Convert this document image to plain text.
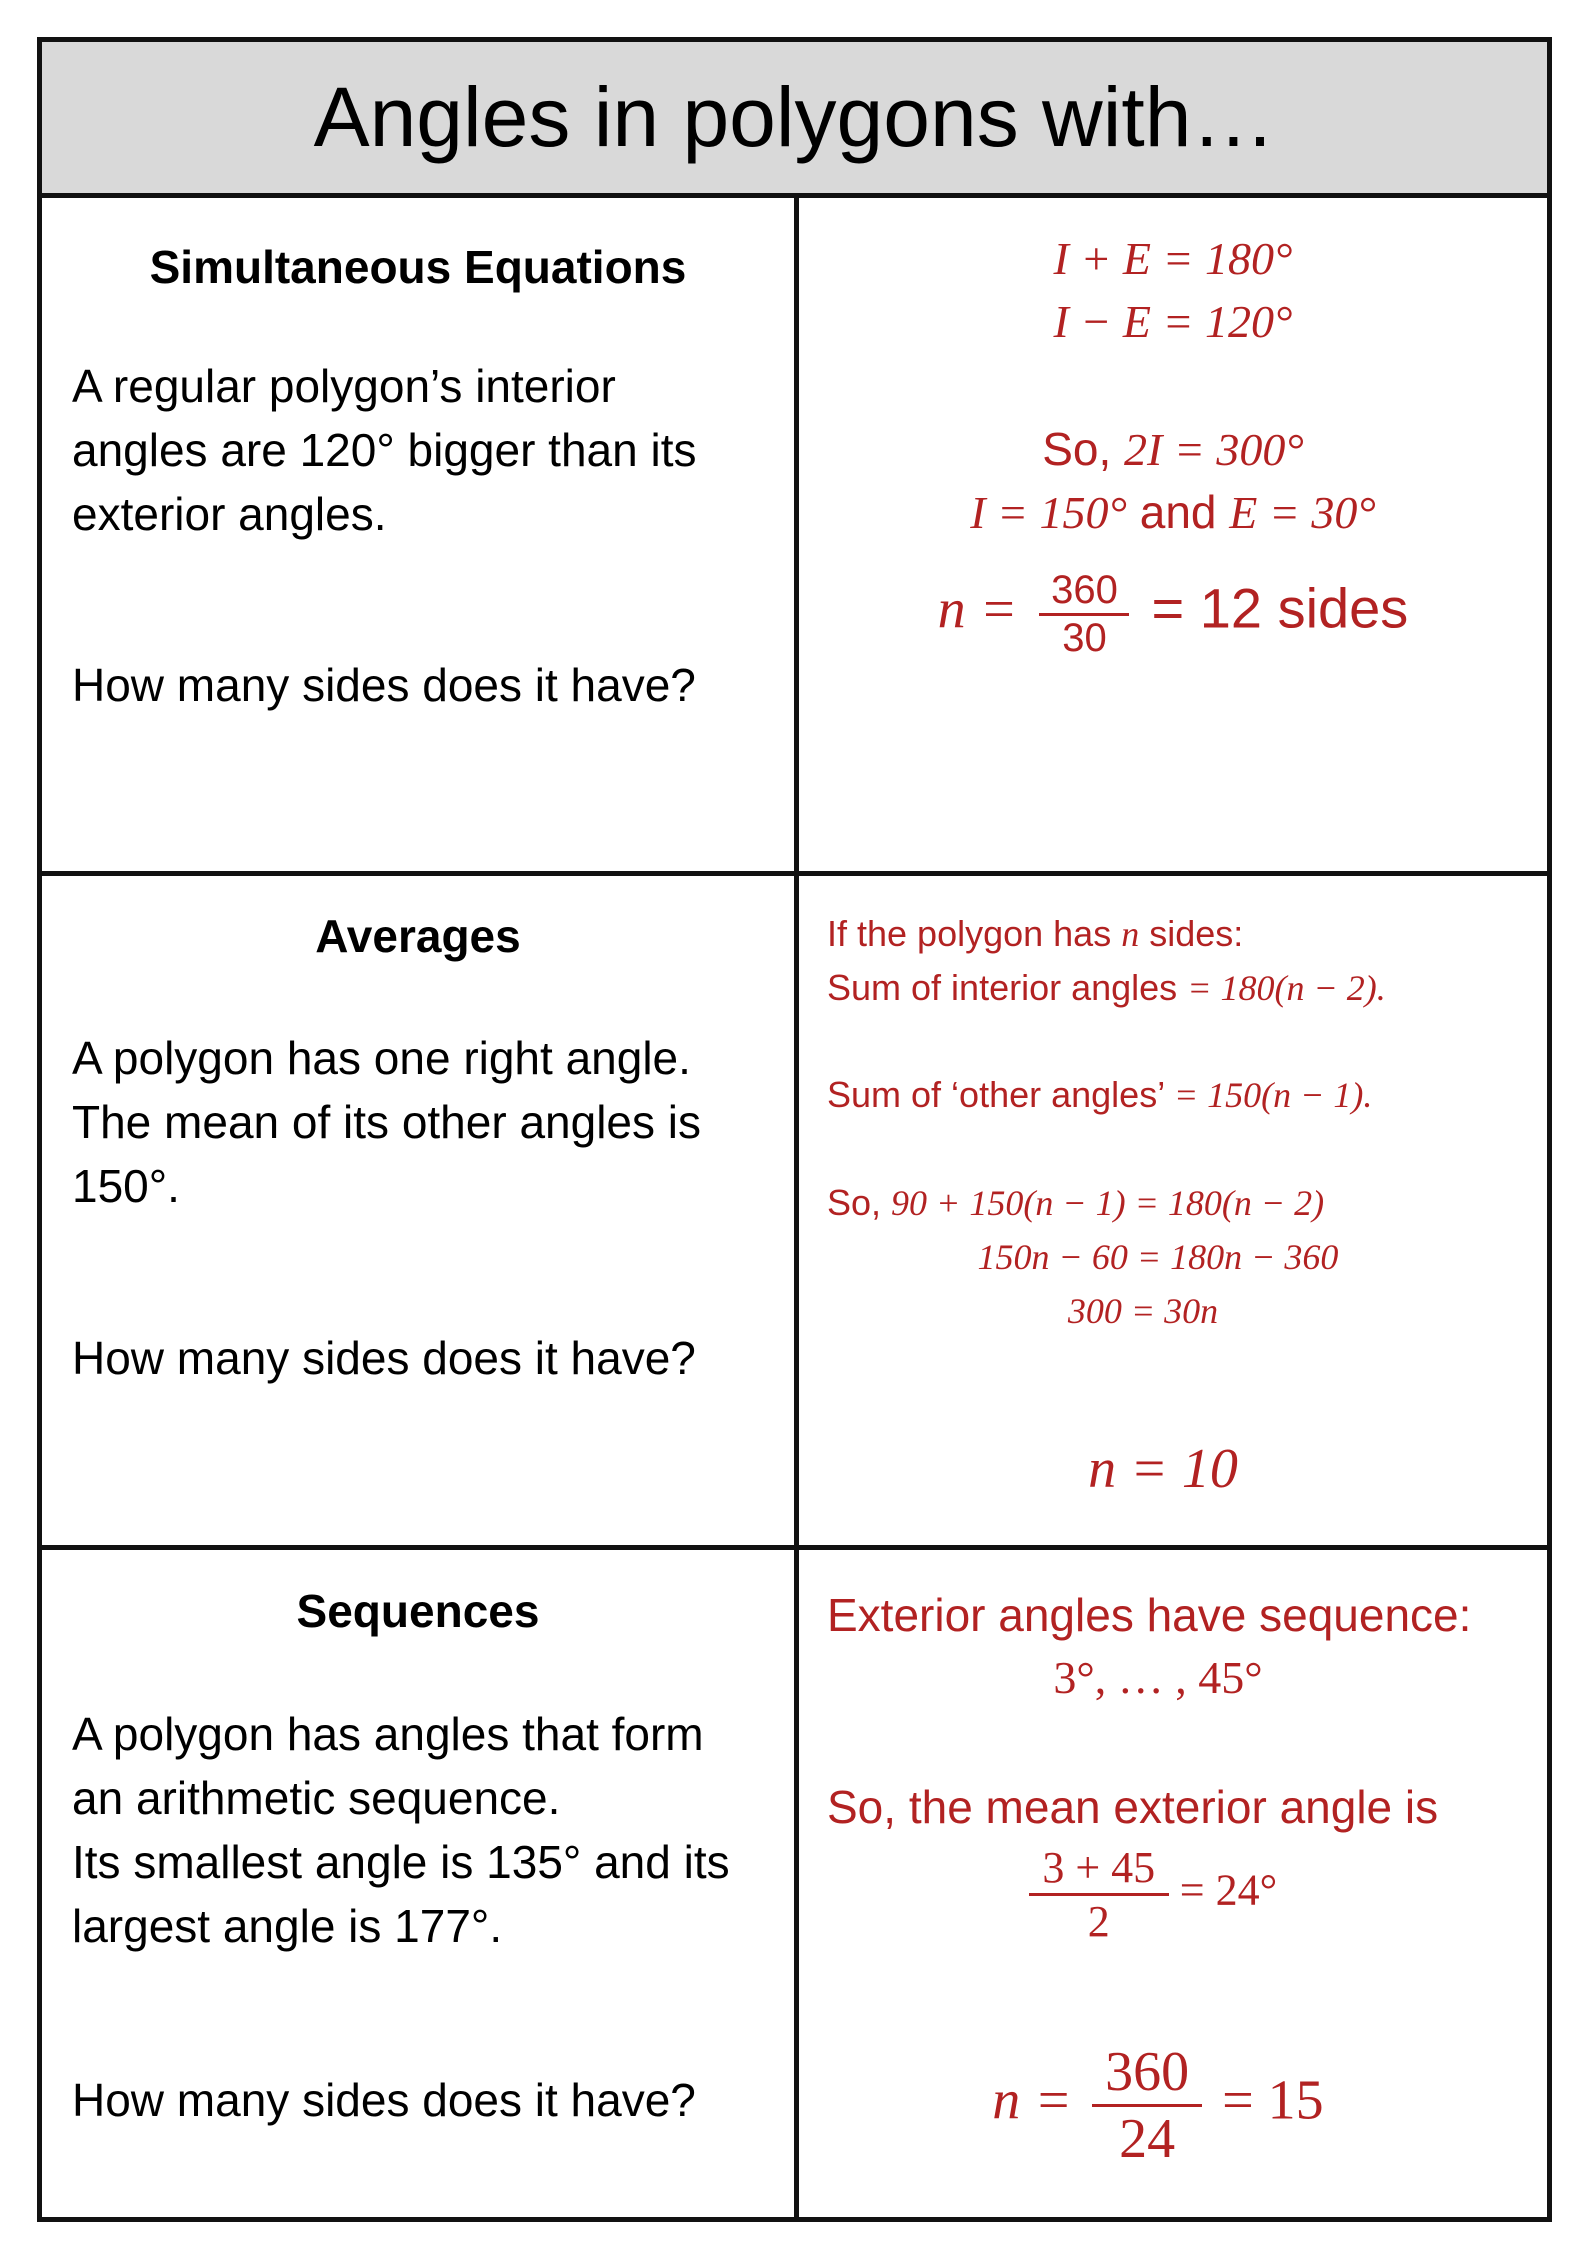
Angles in polygons with…
Simultaneous Equations
A regular polygon’s interior
angles are 120° bigger than its
exterior angles.
How many sides does it have?
I + E = 180°
I − E = 120°
So, 2I = 300°
I = 150° and E = 30°
$n = \frac{360}{30} = 12$ sides
Averages
A polygon has one right angle.
The mean of its other angles is
150°.
How many sides does it have?
If the polygon has n sides:
Sum of interior angles = 180(n − 2).
Sum of ‘other angles’ = 150(n − 1).
So, 90 + 150(n − 1) = 180(n − 2)
150n − 60 = 180n − 360
300 = 30n
n = 10
Sequences
A polygon has angles that form
an arithmetic sequence.
Its smallest angle is 135° and its
largest angle is 177°.
How many sides does it have?
Exterior angles have sequence:
3°, … , 45°
So, the mean exterior angle is
$\frac{3 + 45}{2} = 24^\circ$
$n = \frac{360}{24} = 15$
